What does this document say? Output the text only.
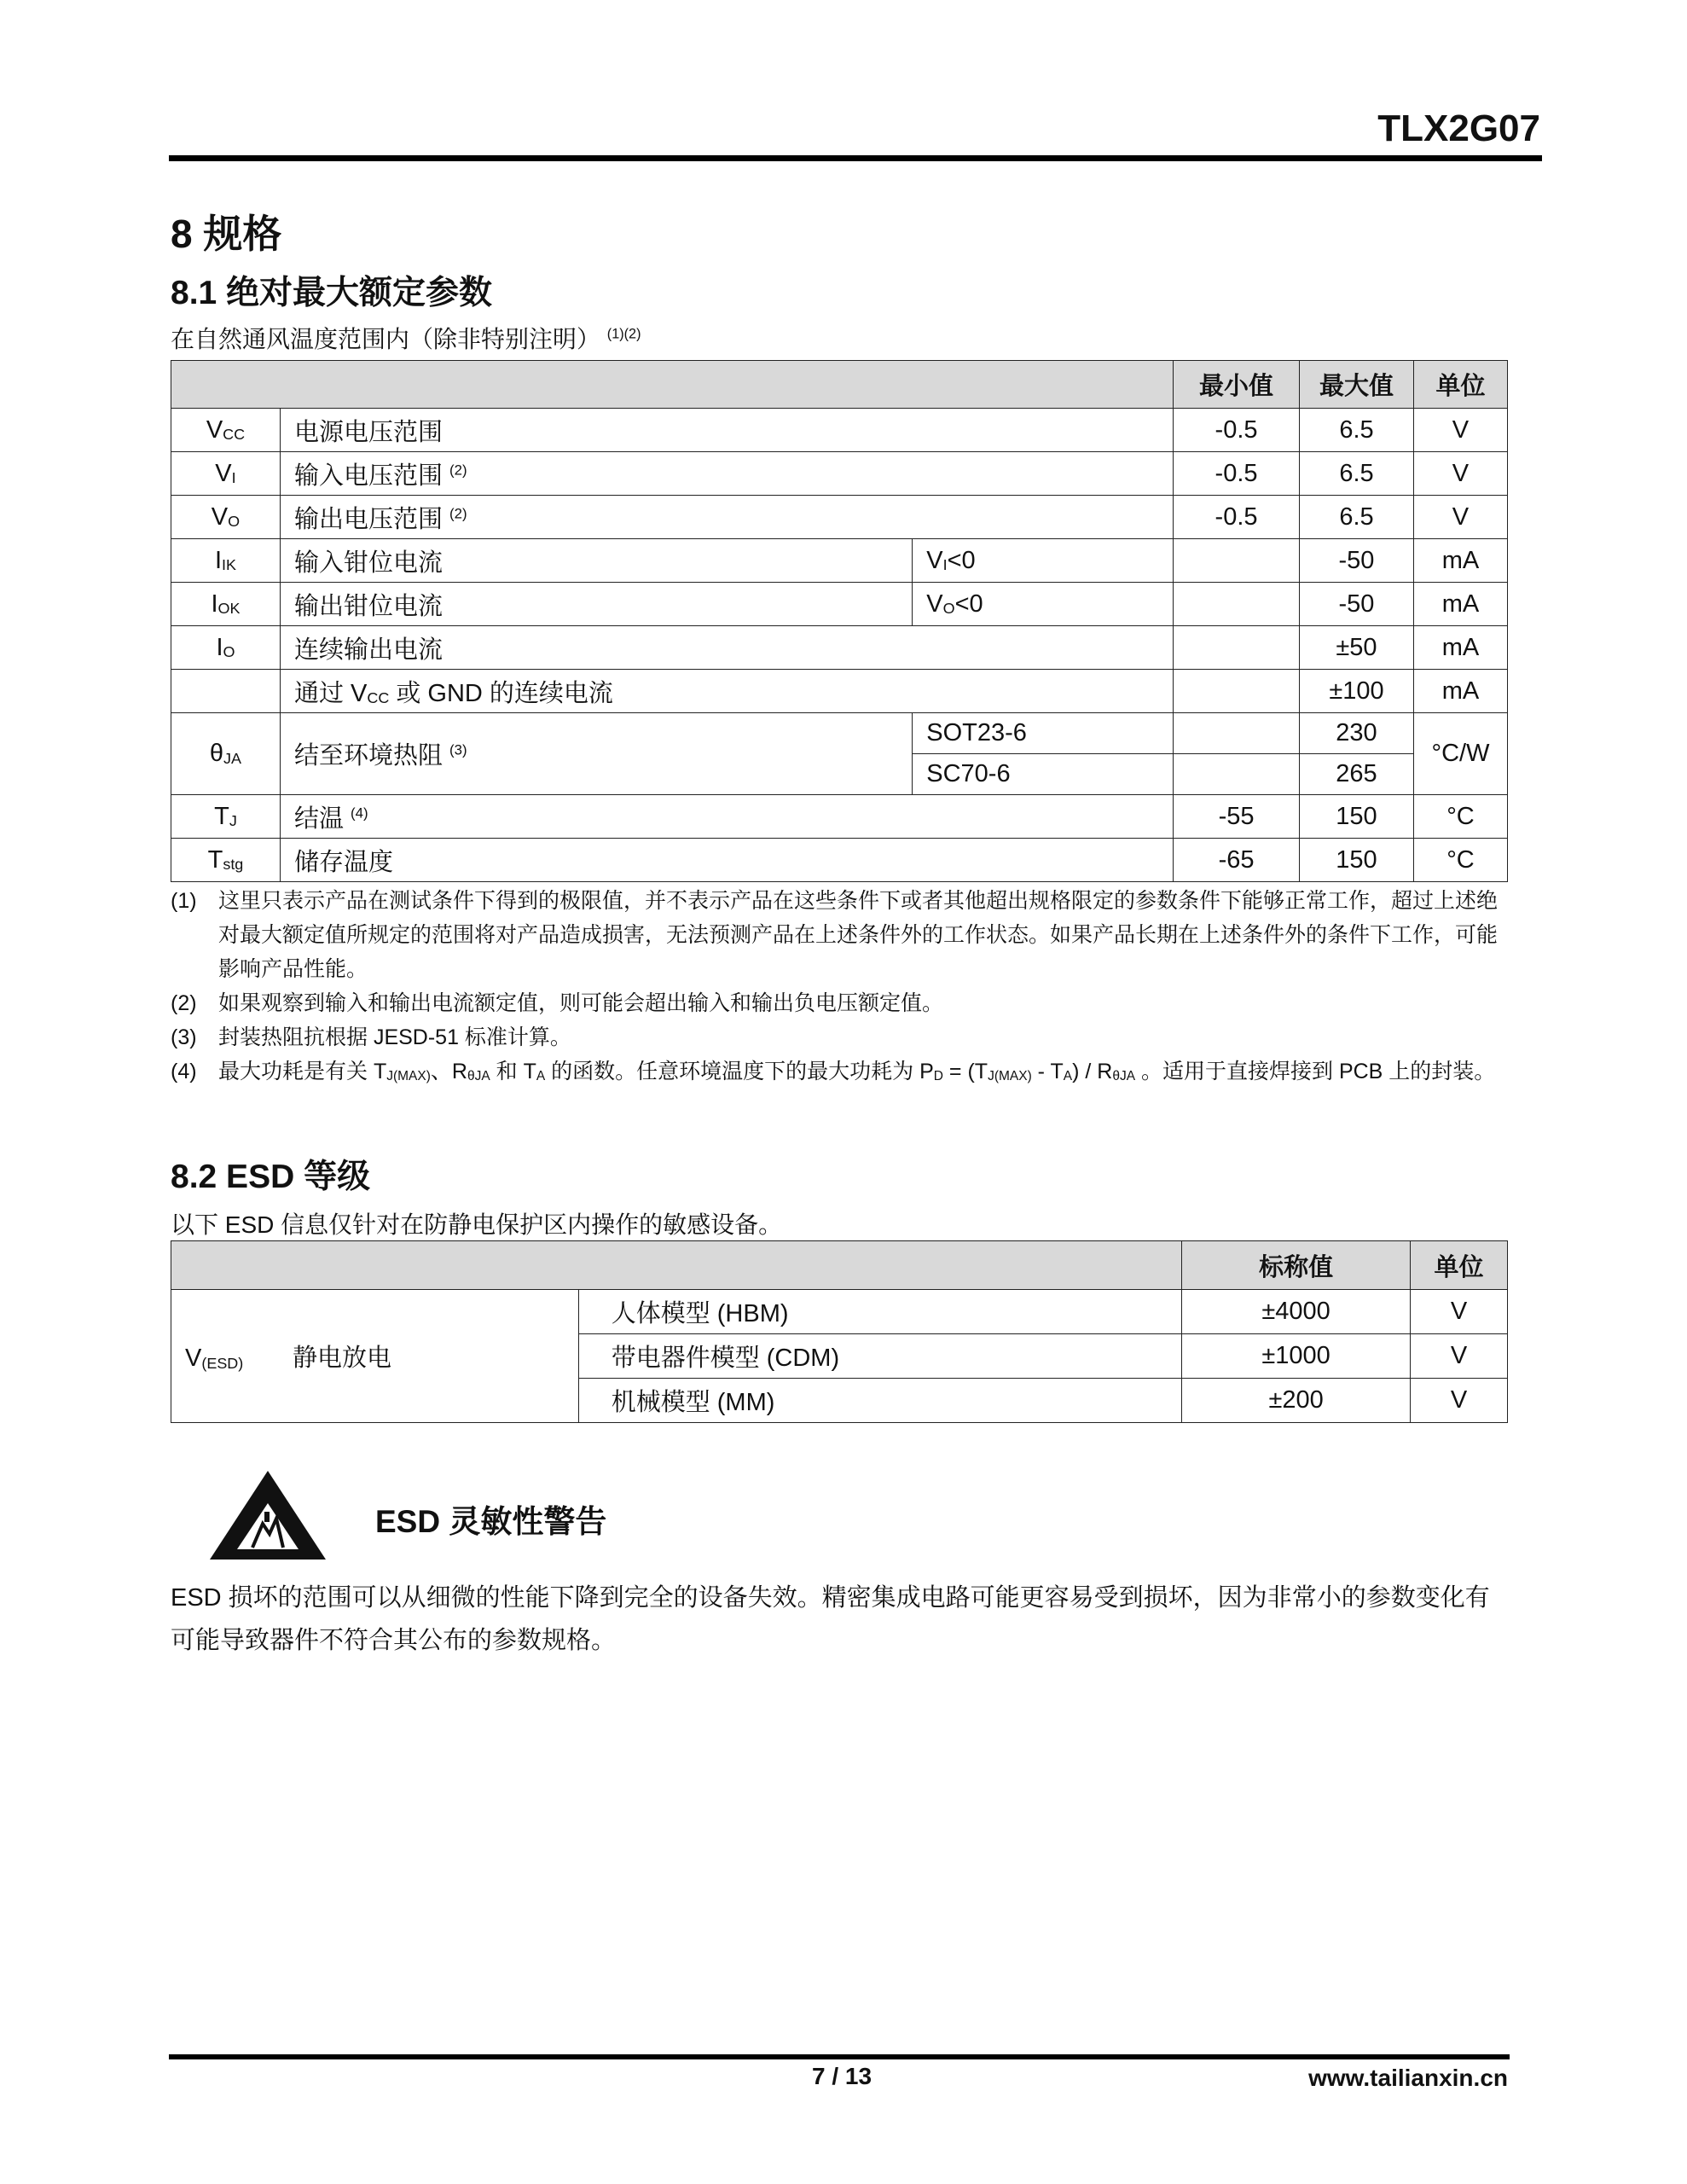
TLX2G07
8 规格
8.1 绝对最大额定参数
在自然通风温度范围内（除非特别注明） $^{(1)(2)}$
			最小值	最大值	单位
$V_{CC}$	电源电压范围		-0.5	6.5	V
$V_I$	输入电压范围 $^{(2)}$		-0.5	6.5	V
$V_O$	输出电压范围 $^{(2)}$		-0.5	6.5	V
$I_{IK}$	输入钳位电流	$V_I<0$		-50	mA
$I_{OK}$	输出钳位电流	$V_O<0$		-50	mA
$I_O$	连续输出电流			±50	mA
	通过 $V_{CC}$ 或 GND 的连续电流			±100	mA
$\theta_{JA}$	结至环境热阻 $^{(3)}$	SOT23-6		230	°C/W
		SC70-6		265	
$T_J$	结温 $^{(4)}$		-55	150	°C
$T_{stg}$	储存温度		-65	150	°C
(1)	这里只表示产品在测试条件下得到的极限值，并不表示产品在这些条件下或者其他超出规格限定的参数条件下能够正常工作，超过上述绝对最大额定值所规定的范围将对产品造成损害，无法预测产品在上述条件外的工作状态。如果产品长期在上述条件外的条件下工作，可能影响产品性能。
(2)	如果观察到输入和输出电流额定值，则可能会超出输入和输出负电压额定值。
(3)	封装热阻抗根据 JESD-51 标准计算。
(4)	最大功耗是有关 $T_{J(MAX)}$、$R_{\theta JA}$ 和 $T_A$ 的函数。任意环境温度下的最大功耗为 $P_D = (T_{J(MAX)} - T_A) / R_{\theta JA}$ 。适用于直接焊接到 PCB 上的封装。
8.2 ESD 等级
以下 ESD 信息仅针对在防静电保护区内操作的敏感设备。
		标称值	单位
$V_{(ESD)}$ 静电放电	人体模型 (HBM)	±4000	V
	带电器件模型 (CDM)	±1000	V
	机械模型 (MM)	±200	V
ESD 灵敏性警告
ESD 损坏的范围可以从细微的性能下降到完全的设备失效。精密集成电路可能更容易受到损坏，因为非常小的参数变化有可能导致器件不符合其公布的参数规格。
7 / 13	www.tailianxin.cn
